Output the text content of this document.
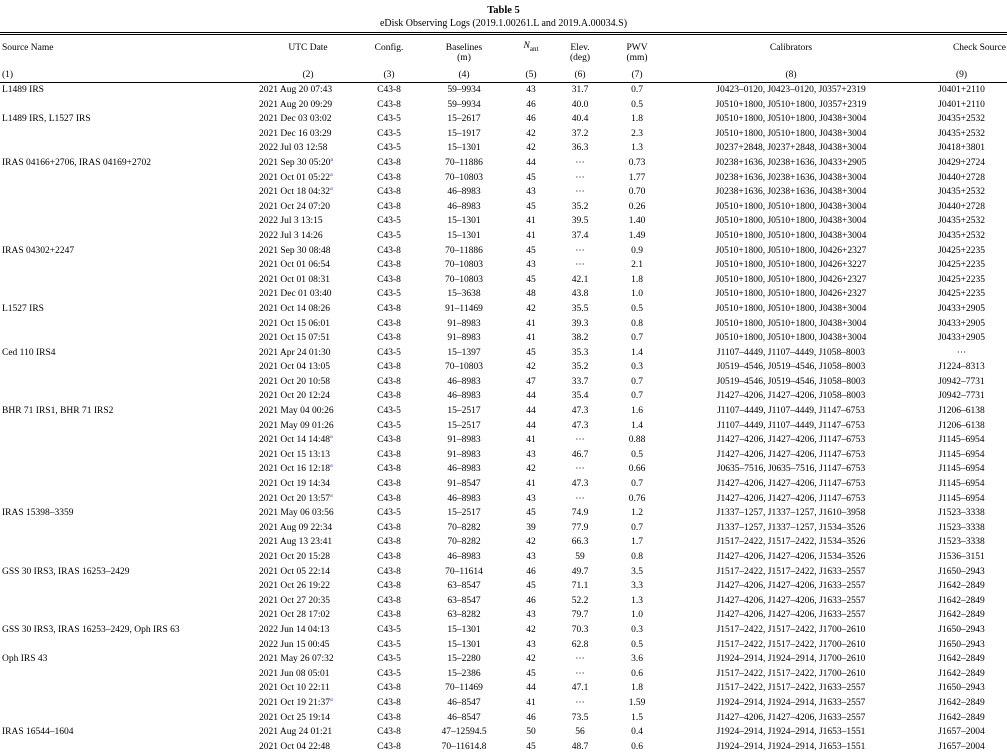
Table 5
eDisk Observing Logs (2019.1.00261.L and 2019.A.00034.S)
Source Name	UTC Date	Config.	Baselines	$N_{ant}$	Elev.	PWV	Calibrators	Check Source
			(m)		(deg)	(mm)		
(1)	(2)	(3)	(4)	(5)	(6)	(7)	(8)	(9)
L1489 IRS	2021 Aug 20 07:43	C43-8	59–9934	43	31.7	0.7	J0423–0120, J0423–0120, J0357+2319	J0401+2110
	2021 Aug 20 09:29	C43-8	59–9934	46	40.0	0.5	J0510+1800, J0510+1800, J0357+2319	J0401+2110
L1489 IRS, L1527 IRS	2021 Dec 03 03:02	C43-5	15–2617	46	40.4	1.8	J0510+1800, J0510+1800, J0438+3004	J0435+2532
	2021 Dec 16 03:29	C43-5	15–1917	42	37.2	2.3	J0510+1800, J0510+1800, J0438+3004	J0435+2532
	2022 Jul 03 12:58	C43-5	15–1301	42	36.3	1.3	J0237+2848, J0237+2848, J0438+3004	J0418+3801
IRAS 04166+2706, IRAS 04169+2702	2021 Sep 30 05:20$^a$	C43-8	70–11886	44	⋯	0.73	J0238+1636, J0238+1636, J0433+2905	J0429+2724
	2021 Oct 01 05:22$^a$	C43-8	70–10803	45	⋯	1.77	J0238+1636, J0238+1636, J0438+3004	J0440+2728
	2021 Oct 18 04:32$^a$	C43-8	46–8983	43	⋯	0.70	J0238+1636, J0238+1636, J0438+3004	J0435+2532
	2021 Oct 24 07:20	C43-8	46–8983	45	35.2	0.26	J0510+1800, J0510+1800, J0438+3004	J0440+2728
	2022 Jul 3 13:15	C43-5	15–1301	41	39.5	1.40	J0510+1800, J0510+1800, J0438+3004	J0435+2532
	2022 Jul 3 14:26	C43-5	15–1301	41	37.4	1.49	J0510+1800, J0510+1800, J0438+3004	J0435+2532
IRAS 04302+2247	2021 Sep 30 08:48	C43-8	70–11886	45	⋯	0.9	J0510+1800, J0510+1800, J0426+2327	J0425+2235
	2021 Oct 01 06:54	C43-8	70–10803	43	⋯	2.1	J0510+1800, J0510+1800, J0426+3227	J0425+2235
	2021 Oct 01 08:31	C43-8	70–10803	45	42.1	1.8	J0510+1800, J0510+1800, J0426+2327	J0425+2235
	2021 Dec 01 03:40	C43-5	15–3638	48	43.8	1.0	J0510+1800, J0510+1800, J0426+2327	J0425+2235
L1527 IRS	2021 Oct 14 08:26	C43-8	91–11469	42	35.5	0.5	J0510+1800, J0510+1800, J0438+3004	J0433+2905
	2021 Oct 15 06:01	C43-8	91–8983	41	39.3	0.8	J0510+1800, J0510+1800, J0438+3004	J0433+2905
	2021 Oct 15 07:51	C43-8	91–8983	41	38.2	0.7	J0510+1800, J0510+1800, J0438+3004	J0433+2905
Ced 110 IRS4	2021 Apr 24 01:30	C43-5	15–1397	45	35.3	1.4	J1107–4449, J1107–4449, J1058–8003	⋯
	2021 Oct 04 13:05	C43-8	70–10803	42	35.2	0.3	J0519–4546, J0519–4546, J1058–8003	J1224–8313
	2021 Oct 20 10:58	C43-8	46–8983	47	33.7	0.7	J0519–4546, J0519–4546, J1058–8003	J0942–7731
	2021 Oct 20 12:24	C43-8	46–8983	44	35.4	0.7	J1427–4206, J1427–4206, J1058–8003	J0942–7731
BHR 71 IRS1, BHR 71 IRS2	2021 May 04 00:26	C43-5	15–2517	44	47.3	1.6	J1107–4449, J1107–4449, J1147–6753	J1206–6138
	2021 May 09 01:26	C43-5	15–2517	44	47.3	1.4	J1107–4449, J1107–4449, J1147–6753	J1206–6138
	2021 Oct 14 14:48$^a$	C43-8	91–8983	41	⋯	0.88	J1427–4206, J1427–4206, J1147–6753	J1145–6954
	2021 Oct 15 13:13	C43-8	91–8983	43	46.7	0.5	J1427–4206, J1427–4206, J1147–6753	J1145–6954
	2021 Oct 16 12:18$^a$	C43-8	46–8983	42	⋯	0.66	J0635–7516, J0635–7516, J1147–6753	J1145–6954
	2021 Oct 19 14:34	C43-8	91–8547	41	47.3	0.7	J1427–4206, J1427–4206, J1147–6753	J1145–6954
	2021 Oct 20 13:57$^a$	C43-8	46–8983	43	⋯	0.76	J1427–4206, J1427–4206, J1147–6753	J1145–6954
IRAS 15398–3359	2021 May 06 03:56	C43-5	15–2517	45	74.9	1.2	J1337–1257, J1337–1257, J1610–3958	J1523–3338
	2021 Aug 09 22:34	C43-8	70–8282	39	77.9	0.7	J1337–1257, J1337–1257, J1534–3526	J1523–3338
	2021 Aug 13 23:41	C43-8	70–8282	42	66.3	1.7	J1517–2422, J1517–2422, J1534–3526	J1523–3338
	2021 Oct 20 15:28	C43-8	46–8983	43	59	0.8	J1427–4206, J1427–4206, J1534–3526	J1536–3151
GSS 30 IRS3, IRAS 16253–2429	2021 Oct 05 22:14	C43-8	70–11614	46	49.7	3.5	J1517–2422, J1517–2422, J1633–2557	J1650–2943
	2021 Oct 26 19:22	C43-8	63–8547	45	71.1	3.3	J1427–4206, J1427–4206, J1633–2557	J1642–2849
	2021 Oct 27 20:35	C43-8	63–8547	46	52.2	1.3	J1427–4206, J1427–4206, J1633–2557	J1642–2849
	2021 Oct 28 17:02	C43-8	63–8282	43	79.7	1.0	J1427–4206, J1427–4206, J1633–2557	J1642–2849
GSS 30 IRS3, IRAS 16253–2429, Oph IRS 63	2022 Jun 14 04:13	C43-5	15–1301	42	70.3	0.3	J1517–2422, J1517–2422, J1700–2610	J1650–2943
	2022 Jun 15 00:45	C43-5	15–1301	43	62.8	0.5	J1517–2422, J1517–2422, J1700–2610	J1650–2943
Oph IRS 43	2021 May 26 07:32	C43-5	15–2280	42	⋯	3.6	J1924–2914, J1924–2914, J1700–2610	J1642–2849
	2021 Jun 08 05:01	C43-5	15–2386	45	⋯	0.6	J1517–2422, J1517–2422, J1700–2610	J1642–2849
	2021 Oct 10 22:11	C43-8	70–11469	44	47.1	1.8	J1517–2422, J1517–2422, J1633–2557	J1650–2943
	2021 Oct 19 21:37$^a$	C43-8	46–8547	41	⋯	1.59	J1924–2914, J1924–2914, J1633–2557	J1642–2849
	2021 Oct 25 19:14	C43-8	46–8547	46	73.5	1.5	J1427–4206, J1427–4206, J1633–2557	J1642–2849
IRAS 16544–1604	2021 Aug 24 01:21	C43-8	47–12594.5	50	56	0.4	J1924–2914, J1924–2914, J1653–1551	J1657–2004
	2021 Oct 04 22:48	C43-8	70–11614.8	45	48.7	0.6	J1924–2914, J1924–2914, J1653–1551	J1657–2004
